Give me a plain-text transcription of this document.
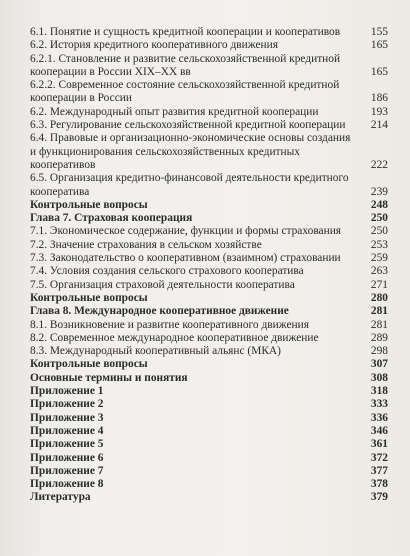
6.1. Понятие и сущность кредитной кооперации и кооперативов	155
6.2. История кредитного кооперативного движения	165
6.2.1. Становление и развитие сельскохозяйственной кредитной кооперации в России XIX–XX вв	165
6.2.2. Современное состояние сельскохозяйственной кредитной кооперации в России	186
6.2. Международный опыт развития кредитной кооперации	193
6.3. Регулирование сельскохозяйственной кредитной кооперации	214
6.4. Правовые и организационно-экономические основы создания и функционирования сельскохозяйственных кредитных кооперативов	222
6.5. Организация кредитно-финансовой деятельности кредитного кооператива	239
Контрольные вопросы	248
Глава 7. Страховая кооперация	250
7.1. Экономическое содержание, функции и формы страхования	250
7.2. Значение страхования в сельском хозяйстве	253
7.3. Законодательство о кооперативном (взаимном) страховании	259
7.4. Условия создания сельского страхового кооператива	263
7.5. Организация страховой деятельности кооператива	271
Контрольные вопросы	280
Глава 8. Международное кооперативное движение	281
8.1. Возникновение и развитие кооперативного движения	281
8.2. Современное международное кооперативное движение	289
8.3. Международный кооперативный альянс (МКА)	298
Контрольные вопросы	307
Основные термины и понятия	308
Приложение 1	318
Приложение 2	333
Приложение 3	336
Приложение 4	346
Приложение 5	361
Приложение 6	372
Приложение 7	377
Приложение 8	378
Литература	379
